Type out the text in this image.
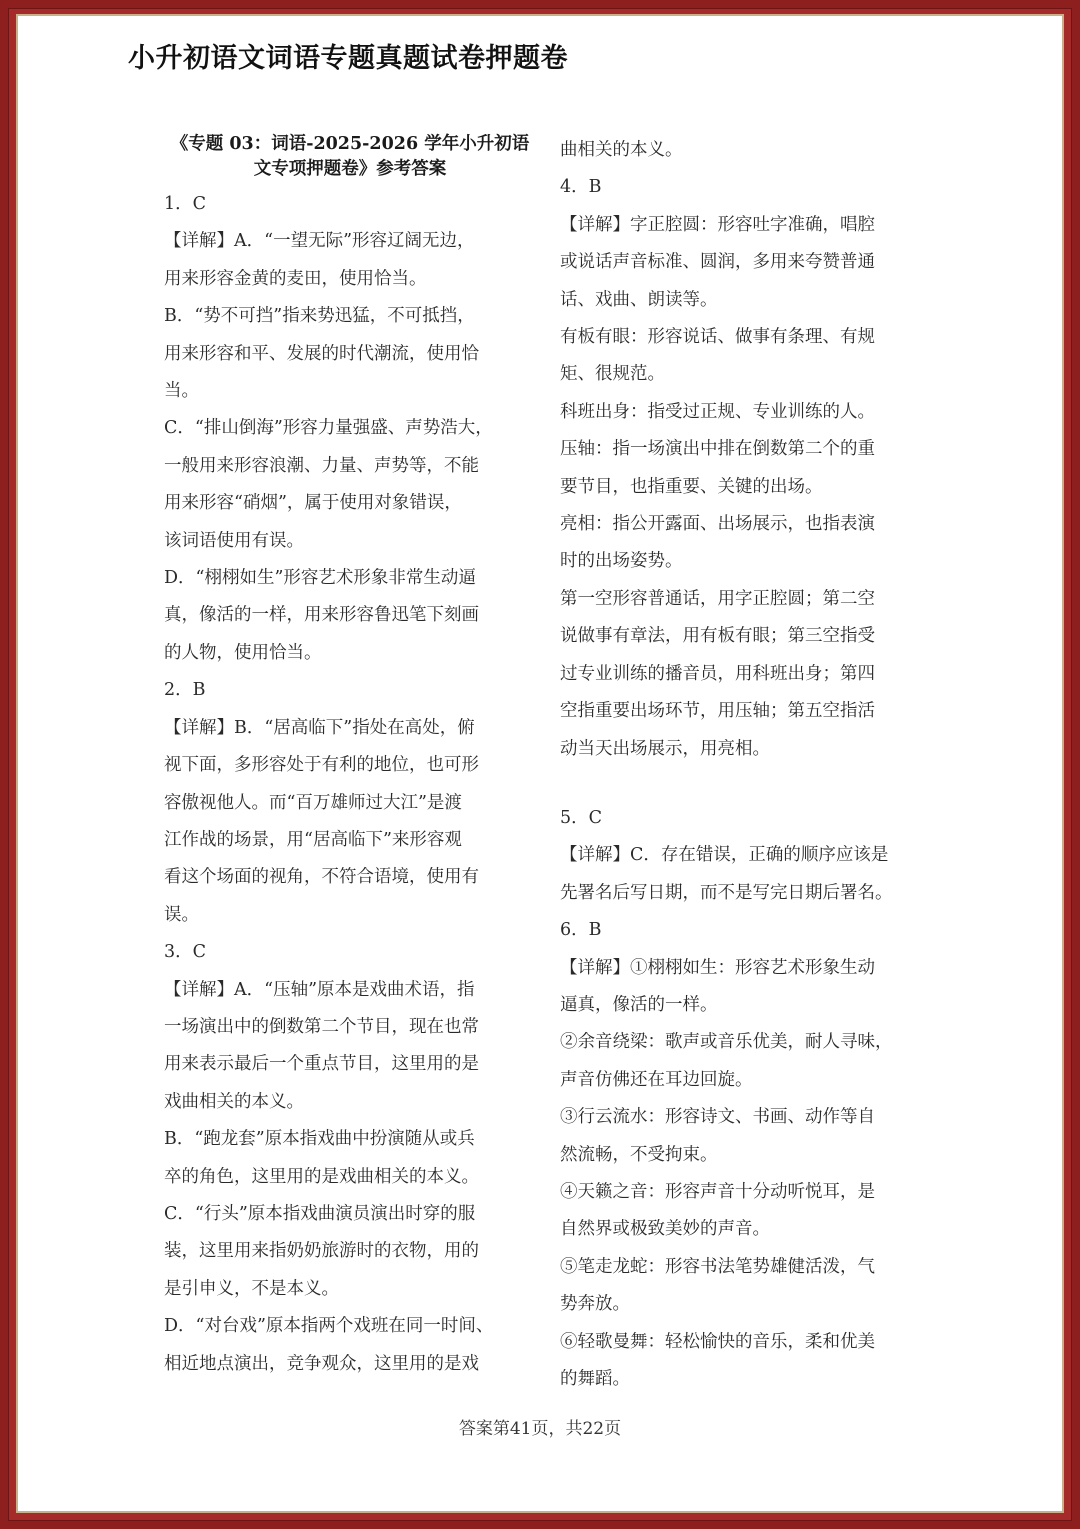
小升初语文词语专题真题试卷押题卷
《专题 03：词语-2025-2026 学年小升初语
文专项押题卷》参考答案

1．C

【详解】A．“一望无际”形容辽阔无边，

用来形容金黄的麦田，使用恰当。

B．“势不可挡”指来势迅猛，不可抵挡，

用来形容和平、发展的时代潮流，使用恰

当。

C．“排山倒海”形容力量强盛、声势浩大，

一般用来形容浪潮、力量、声势等，不能

用来形容“硝烟”，属于使用对象错误，

该词语使用有误。

D．“栩栩如生”形容艺术形象非常生动逼

真，像活的一样，用来形容鲁迅笔下刻画

的人物，使用恰当。

2．B

【详解】B．“居高临下”指处在高处，俯

视下面，多形容处于有利的地位，也可形

容傲视他人。而“百万雄师过大江”是渡

江作战的场景，用“居高临下”来形容观

看这个场面的视角，不符合语境，使用有

误。

3．C

【详解】A．“压轴”原本是戏曲术语，指

一场演出中的倒数第二个节目，现在也常

用来表示最后一个重点节目，这里用的是

戏曲相关的本义。

B．“跑龙套”原本指戏曲中扮演随从或兵

卒的角色，这里用的是戏曲相关的本义。

C．“行头”原本指戏曲演员演出时穿的服

装，这里用来指奶奶旅游时的衣物，用的

是引申义，不是本义。

D．“对台戏”原本指两个戏班在同一时间、

相近地点演出，竞争观众，这里用的是戏

曲相关的本义。

4．B

【详解】字正腔圆：形容吐字准确，唱腔

或说话声音标准、圆润，多用来夸赞普通

话、戏曲、朗读等。

有板有眼：形容说话、做事有条理、有规

矩、很规范。

科班出身：指受过正规、专业训练的人。

压轴：指一场演出中排在倒数第二个的重

要节目，也指重要、关键的出场。

亮相：指公开露面、出场展示，也指表演

时的出场姿势。

第一空形容普通话，用字正腔圆；第二空

说做事有章法，用有板有眼；第三空指受

过专业训练的播音员，用科班出身；第四

空指重要出场环节，用压轴；第五空指活

动当天出场展示，用亮相。

5．C

【详解】C．存在错误，正确的顺序应该是

先署名后写日期，而不是写完日期后署名。

6．B

【详解】①栩栩如生：形容艺术形象生动

逼真，像活的一样。

②余音绕梁：歌声或音乐优美，耐人寻味，

声音仿佛还在耳边回旋。

③行云流水：形容诗文、书画、动作等自

然流畅，不受拘束。

④天籁之音：形容声音十分动听悦耳，是

自然界或极致美妙的声音。

⑤笔走龙蛇：形容书法笔势雄健活泼，气

势奔放。

⑥轻歌曼舞：轻松愉快的音乐，柔和优美

的舞蹈。

答案第41页，共22页
